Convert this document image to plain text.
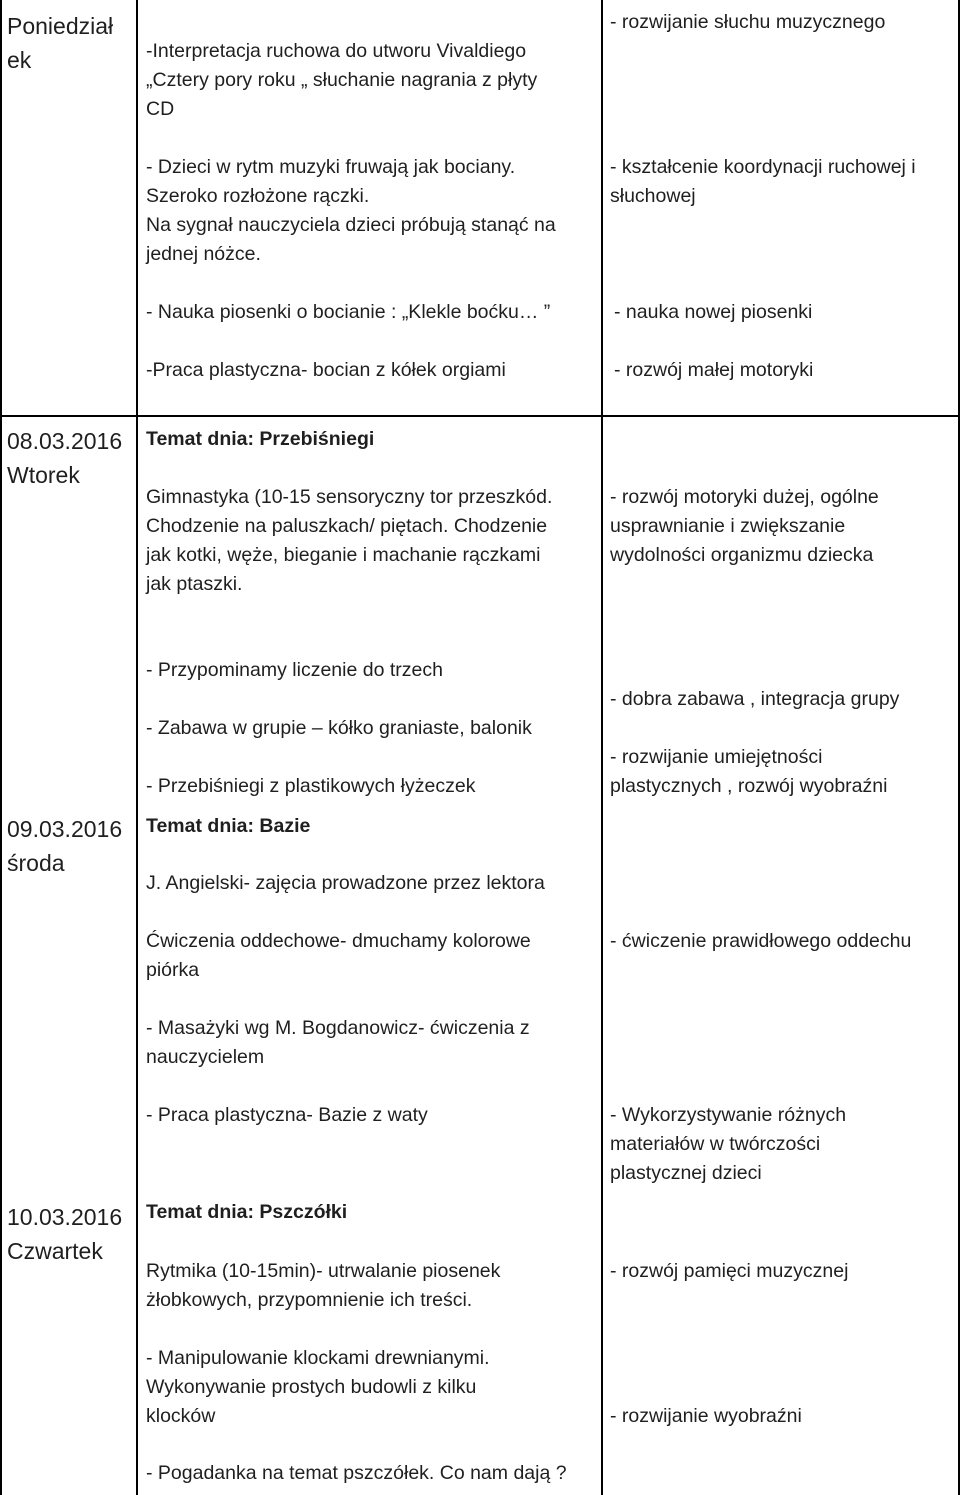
Poniedział
ek	-Interpretacja ruchowa do utworu Vivaldiego
„Cztery pory roku „ słuchanie nagrania z płyty
CD
- Dzieci w rytm muzyki fruwają jak bociany.
Szeroko rozłożone rączki.
Na sygnał nauczyciela dzieci próbują stanąć na
jednej nóżce.
- Nauka piosenki o bocianie : „Klekle boćku… ”
-Praca plastyczna- bocian z kółek orgiami
- rozwijanie słuchu muzycznego
- kształcenie koordynacji ruchowej i
słuchowej
- nauka nowej piosenki
- rozwój małej motoryki
08.03.2016
Wtorek
Temat dnia: Przebiśniegi
Gimnastyka (10-15 sensoryczny tor przeszkód.
Chodzenie na paluszkach/ piętach. Chodzenie
jak kotki, węże, bieganie i machanie rączkami
jak ptaszki.
- Przypominamy liczenie do trzech
- Zabawa w grupie – kółko graniaste, balonik
- Przebiśniegi z plastikowych łyżeczek
- rozwój motoryki dużej, ogólne
usprawnianie i zwiększanie
wydolności organizmu dziecka
- dobra zabawa , integracja grupy
- rozwijanie umiejętności
plastycznych , rozwój wyobraźni
09.03.2016
środa
Temat dnia: Bazie
J. Angielski- zajęcia prowadzone przez lektora
Ćwiczenia oddechowe- dmuchamy kolorowe
piórka
- Masażyki wg M. Bogdanowicz- ćwiczenia z
nauczycielem
- Praca plastyczna- Bazie z waty
- ćwiczenie prawidłowego oddechu
- Wykorzystywanie różnych
materiałów w twórczości
plastycznej dzieci
10.03.2016
Czwartek
Temat dnia: Pszczółki
Rytmika (10-15min)- utrwalanie piosenek
żłobkowych, przypomnienie ich treści.
- Manipulowanie klockami drewnianymi.
Wykonywanie prostych budowli z kilku
klocków
- Pogadanka na temat pszczółek. Co nam dają ?
- rozwój pamięci muzycznej
- rozwijanie wyobraźni
